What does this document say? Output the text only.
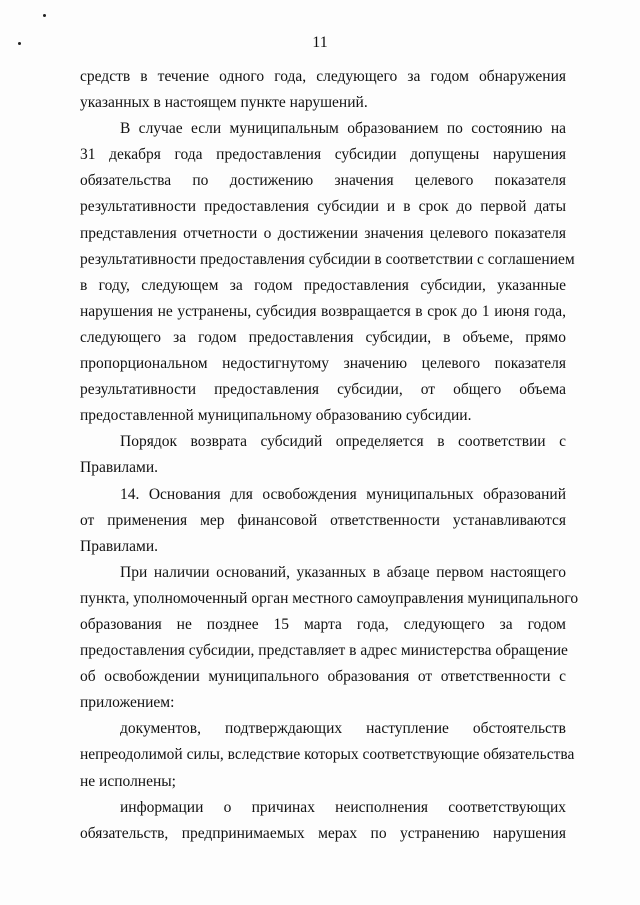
11
средств в течение одного года, следующего за годом обнаружения
указанных в настоящем пункте нарушений.
В случае если муниципальным образованием по состоянию на
31 декабря года предоставления субсидии допущены нарушения
обязательства по достижению значения целевого показателя
результативности предоставления субсидии и в срок до первой даты
представления отчетности о достижении значения целевого показателя
результативности предоставления субсидии в соответствии с соглашением
в году, следующем за годом предоставления субсидии, указанные
нарушения не устранены, субсидия возвращается в срок до 1 июня года,
следующего за годом предоставления субсидии, в объеме, прямо
пропорциональном недостигнутому значению целевого показателя
результативности предоставления субсидии, от общего объема
предоставленной муниципальному образованию субсидии.
Порядок возврата субсидий определяется в соответствии с
Правилами.
14. Основания для освобождения муниципальных образований
от применения мер финансовой ответственности устанавливаются
Правилами.
При наличии оснований, указанных в абзаце первом настоящего
пункта, уполномоченный орган местного самоуправления муниципального
образования не позднее 15 марта года, следующего за годом
предоставления субсидии, представляет в адрес министерства обращение
об освобождении муниципального образования от ответственности с
приложением:
документов, подтверждающих наступление обстоятельств
непреодолимой силы, вследствие которых соответствующие обязательства
не исполнены;
информации о причинах неисполнения соответствующих
обязательств, предпринимаемых мерах по устранению нарушения
